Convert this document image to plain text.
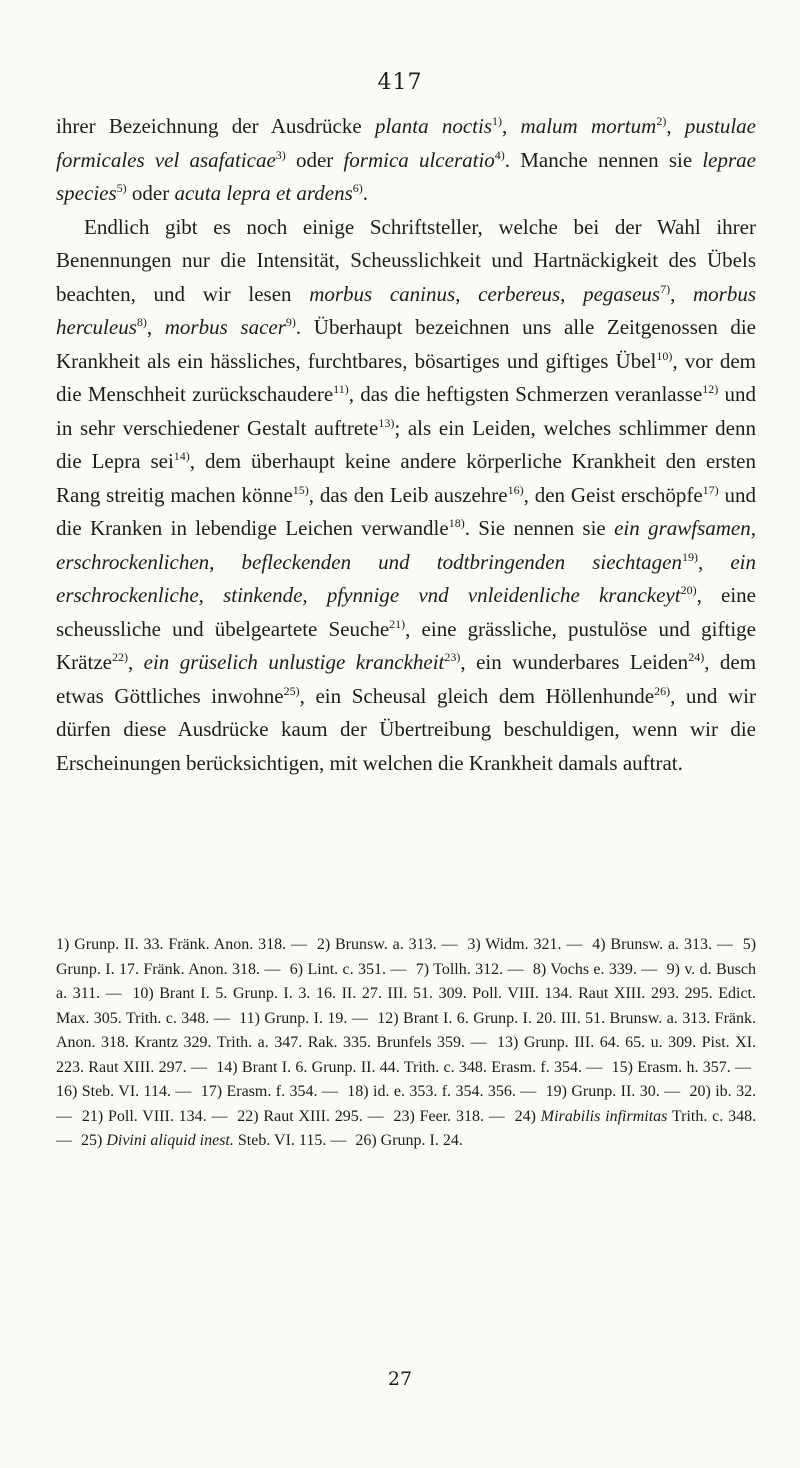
417

ihrer Bezeichnung der Ausdrücke planta noctis$^{1)}$, malum mortum$^{2)}$, pustulae formicales vel asafaticae$^{3)}$ oder formica ulceratio$^{4)}$. Manche nennen sie leprae species$^{5)}$ oder acuta lepra et ardens$^{6)}$.

Endlich gibt es noch einige Schriftsteller, welche bei der Wahl ihrer Benennungen nur die Intensität, Scheusslichkeit und Hartnäckigkeit des Übels beachten, und wir lesen morbus caninus, cerbereus, pegaseus$^{7)}$, morbus herculeus$^{8)}$, morbus sacer$^{9)}$. Überhaupt bezeichnen uns alle Zeitgenossen die Krankheit als ein hässliches, furchtbares, bösartiges und giftiges Übel$^{10)}$, vor dem die Menschheit zurückschaudere$^{11)}$, das die heftigsten Schmerzen veranlasse$^{12)}$ und in sehr verschiedener Gestalt auftrete$^{13)}$; als ein Leiden, welches schlimmer denn die Lepra sei$^{14)}$, dem überhaupt keine andere körperliche Krankheit den ersten Rang streitig machen könne$^{15)}$, das den Leib auszehre$^{16)}$, den Geist erschöpfe$^{17)}$ und die Kranken in lebendige Leichen verwandle$^{18)}$. Sie nennen sie ein grawfsamen, erschrockenlichen, befleckenden und todtbringenden siechtagen$^{19)}$, ein erschrockenliche, stinkende, pfynnige vnd vnleidenliche kranckeyt$^{20)}$, eine scheussliche und übelgeartete Seuche$^{21)}$, eine grässliche, pustulöse und giftige Krätze$^{22)}$, ein grüselich unlustige kranckheit$^{23)}$, ein wunderbares Leiden$^{24)}$, dem etwas Göttliches inwohne$^{25)}$, ein Scheusal gleich dem Höllenhunde$^{26)}$, und wir dürfen diese Ausdrücke kaum der Übertreibung beschuldigen, wenn wir die Erscheinungen berücksichtigen, mit welchen die Krankheit damals auftrat.

1) Grunp. II. 33. Fränk. Anon. 318. — 2) Brunsw. a. 313. — 3) Widm. 321. — 4) Brunsw. a. 313. — 5) Grunp. I. 17. Fränk. Anon. 318. — 6) Lint. c. 351. — 7) Tollh. 312. — 8) Vochs e. 339. — 9) v. d. Busch a. 311. — 10) Brant I. 5. Grunp. I. 3. 16. II. 27. III. 51. 309. Poll. VIII. 134. Raut XIII. 293. 295. Edict. Max. 305. Trith. c. 348. — 11) Grunp. I. 19. — 12) Brant I. 6. Grunp. I. 20. III. 51. Brunsw. a. 313. Fränk. Anon. 318. Krantz 329. Trith. a. 347. Rak. 335. Brunfels 359. — 13) Grunp. III. 64. 65. u. 309. Pist. XI. 223. Raut XIII. 297. — 14) Brant I. 6. Grunp. II. 44. Trith. c. 348. Erasm. f. 354. — 15) Erasm. h. 357. — 16) Steb. VI. 114. — 17) Erasm. f. 354. — 18) id. e. 353. f. 354. 356. — 19) Grunp. II. 30. — 20) ib. 32. — 21) Poll. VIII. 134. — 22) Raut XIII. 295. — 23) Feer. 318. — 24) Mirabilis infirmitas Trith. c. 348. — 25) Divini aliquid inest. Steb. VI. 115. — 26) Grunp. I. 24.
27
